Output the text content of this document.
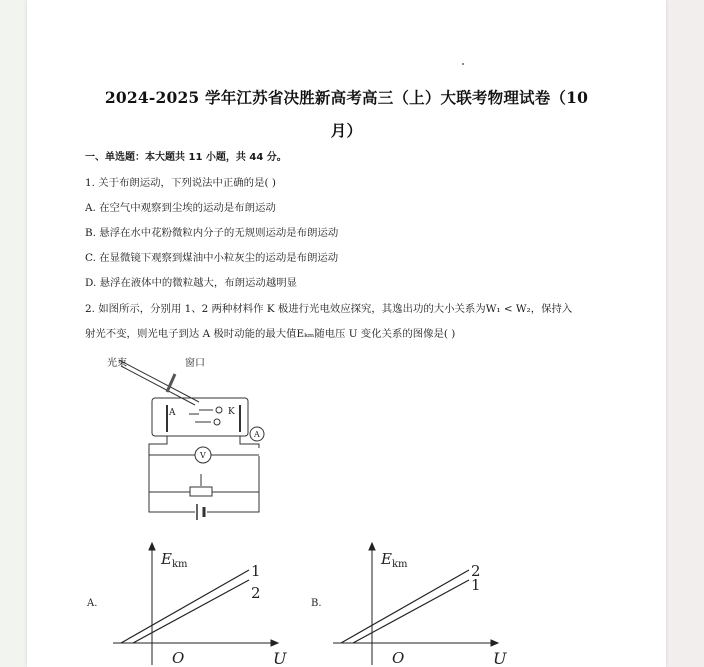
2024-2025 学年江苏省决胜新高考高三（上）大联考物理试卷（10
月）
一、单选题：本大题共 11 小题，共 44 分。
1. 关于布朗运动，下列说法中正确的是( )
A. 在空气中观察到尘埃的运动是布朗运动
B. 悬浮在水中花粉微粒内分子的无规则运动是布朗运动
C. 在显微镜下观察到煤油中小粒灰尘的运动是布朗运动
D. 悬浮在液体中的微粒越大，布朗运动越明显
2. 如图所示，分别用 1、2 两种材料作 K 极进行光电效应探究，其逸出功的大小关系为W₁ < W₂，保持入
射光不变，则光电子到达 A 极时动能的最大值Eₖₘ随电压 U 变化关系的图像是( )
光束	窗口
A	K
A
V
A.
E km	1
2
O	U
B.
E km	2
1
O	U
